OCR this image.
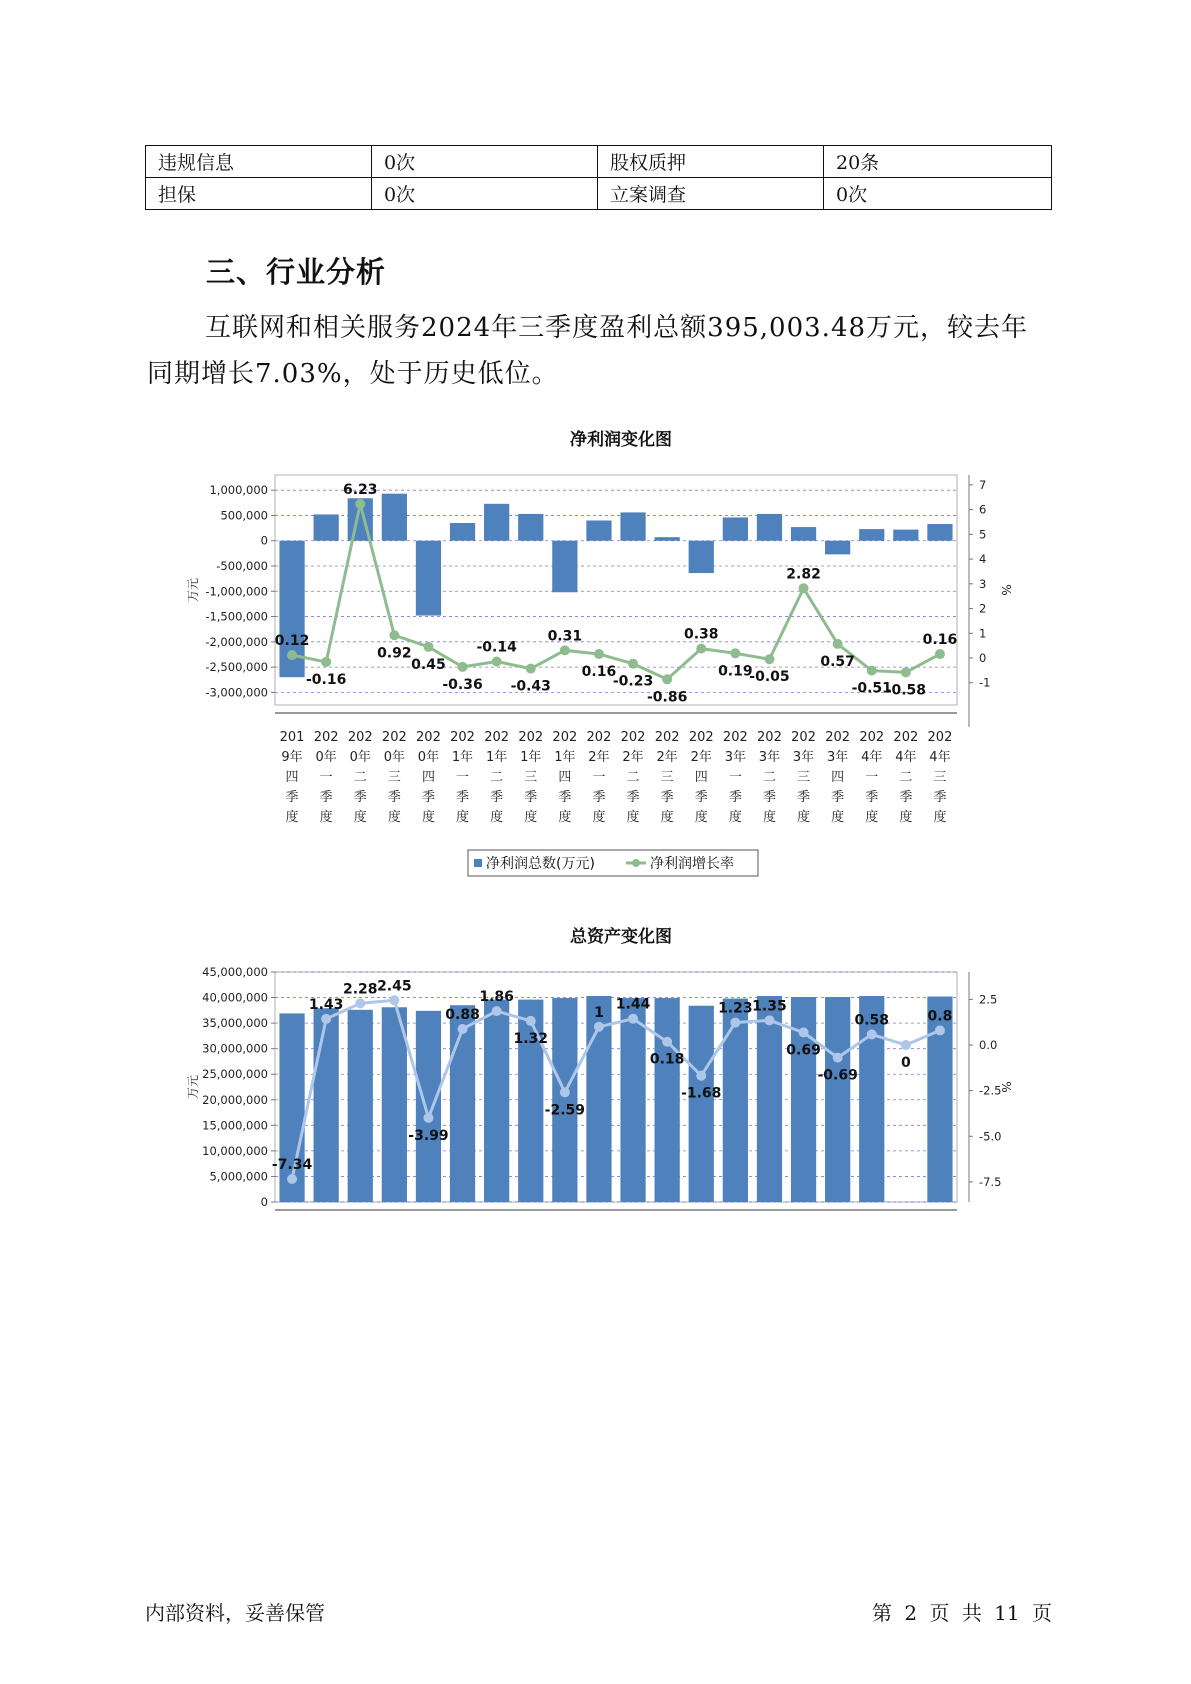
违规信息	0次	股权质押	20条
担保	0次	立案调查	0次
三、行业分析

互联网和相关服务2024年三季度盈利总额395,003.48万元，较去年同期增长7.03%，处于历史低位。

净利润变化图
1,000,000
500,000
0
-500,000
-1,000,000
-1,500,000
-2,000,000
-2,500,000
-3,000,000
7
6
5
4
3
2
1
0
-1
万元	%
0.12
-0.16
6.23
0.92
0.45
-0.36
-0.14
-0.43
0.31
0.16
-0.23
-0.86
0.38
0.19
-0.05
2.82
0.57
-0.51
-0.58
0.16
201
9年
四
季
度
202
0年
一
季
度
202
0年
二
季
度
202
0年
三
季
度
202
0年
四
季
度
202
1年
一
季
度
202
1年
二
季
度
202
1年
三
季
度
202
1年
四
季
度
202
2年
一
季
度
202
2年
二
季
度
202
2年
三
季
度
202
2年
四
季
度
202
3年
一
季
度
202
3年
二
季
度
202
3年
三
季
度
202
3年
四
季
度
202
4年
一
季
度
202
4年
二
季
度
202
4年
三
季
度
净利润总数(万元)	净利润增长率
总资产变化图
45,000,000
40,000,000
35,000,000
30,000,000
25,000,000
20,000,000
15,000,000
10,000,000
5,000,000
0
2.5
0.0
-2.5
-5.0
-7.5
万元	%
-7.34
1.43
2.28 2.45
-3.99
0.88
1.86
1.32
-2.59
1
1.44
0.18
-1.68
1.23 1.35
0.69
-0.69
0.58
0
0.8
内部资料，妥善保管	第 2 页 共 11 页
